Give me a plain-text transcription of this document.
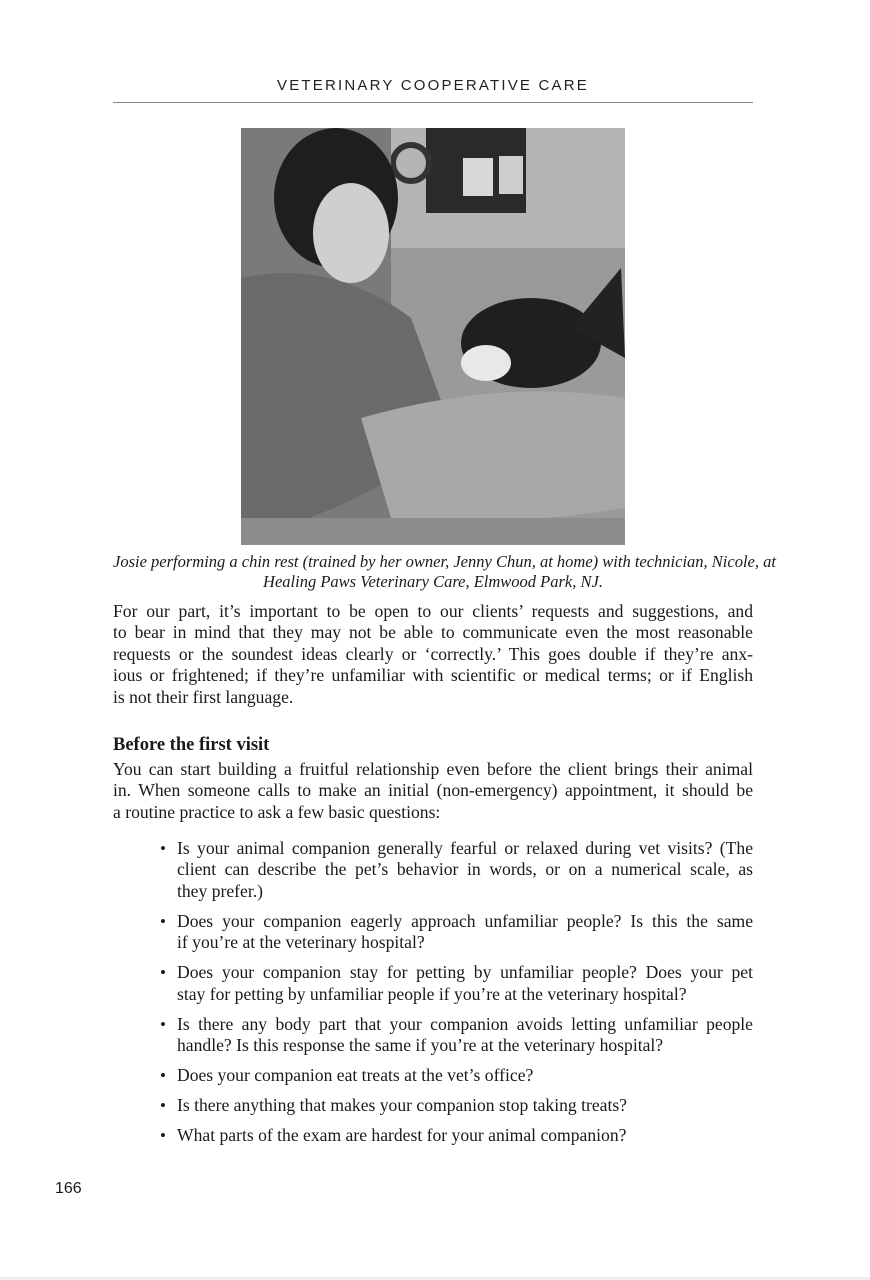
VETERINARY COOPERATIVE CARE
Josie performing a chin rest (trained by her owner, Jenny Chun, at home) with technician, Nicole, at
Healing Paws Veterinary Care, Elmwood Park, NJ.
For our part, it’s important to be open to our clients’ requests and suggestions, and
to bear in mind that they may not be able to communicate even the most reasonable
requests or the soundest ideas clearly or ‘correctly.’ This goes double if they’re anx-
ious or frightened; if they’re unfamiliar with scientific or medical terms; or if English
is not their first language.
Before the first visit
You can start building a fruitful relationship even before the client brings their animal
in. When someone calls to make an initial (non-emergency) appointment, it should be
a routine practice to ask a few basic questions:
• Is your animal companion generally fearful or relaxed during vet visits? (The
client can describe the pet’s behavior in words, or on a numerical scale, as
they prefer.)
• Does your companion eagerly approach unfamiliar people? Is this the same
if you’re at the veterinary hospital?
• Does your companion stay for petting by unfamiliar people? Does your pet
stay for petting by unfamiliar people if you’re at the veterinary hospital?
• Is there any body part that your companion avoids letting unfamiliar people
handle? Is this response the same if you’re at the veterinary hospital?
• Does your companion eat treats at the vet’s office?
• Is there anything that makes your companion stop taking treats?
• What parts of the exam are hardest for your animal companion?
166
